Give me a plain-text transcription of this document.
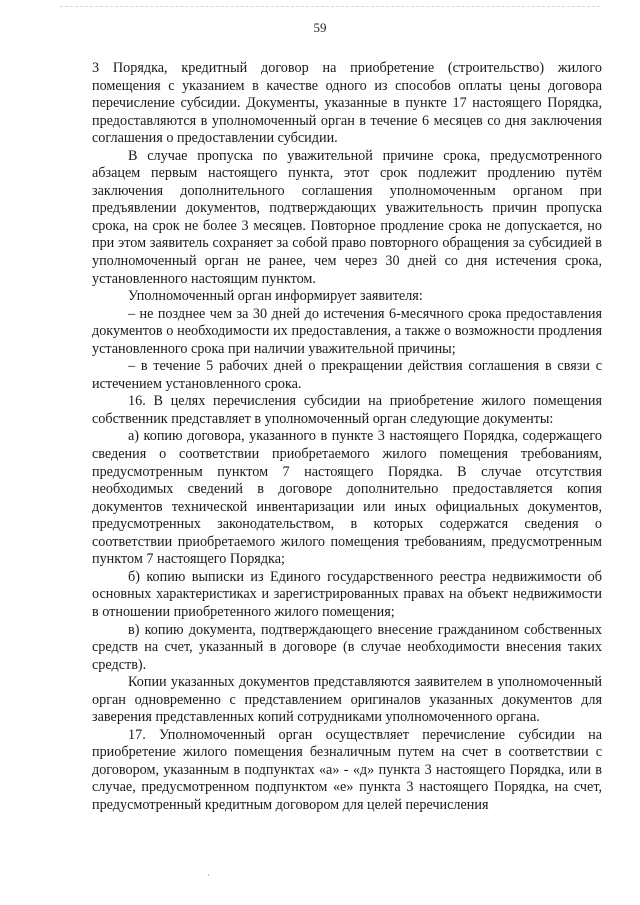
59

3 Порядка, кредитный договор на приобретение (строительство) жилого помещения с указанием в качестве одного из способов оплаты цены договора перечисление субсидии. Документы, указанные в пункте 17 настоящего Порядка, предоставляются в уполномоченный орган в течение 6 месяцев со дня заключения соглашения о предоставлении субсидии.

В случае пропуска по уважительной причине срока, предусмотренного абзацем первым настоящего пункта, этот срок подлежит продлению путём заключения дополнительного соглашения уполномоченным органом при предъявлении документов, подтверждающих уважительность причин пропуска срока, на срок не более 3 месяцев. Повторное продление срока не допускается, но при этом заявитель сохраняет за собой право повторного обращения за субсидией в уполномоченный орган не ранее, чем через 30 дней со дня истечения срока, установленного настоящим пунктом.

Уполномоченный орган информирует заявителя:

– не позднее чем за 30 дней до истечения 6-месячного срока предоставления документов о необходимости их предоставления, а также о возможности продления установленного срока при наличии уважительной причины;

– в течение 5 рабочих дней о прекращении действия соглашения в связи с истечением установленного срока.

16. В целях перечисления субсидии на приобретение жилого помещения собственник представляет в уполномоченный орган следующие документы:

а) копию договора, указанного в пункте 3 настоящего Порядка, содержащего сведения о соответствии приобретаемого жилого помещения требованиям, предусмотренным пунктом 7 настоящего Порядка. В случае отсутствия необходимых сведений в договоре дополнительно предоставляется копия документов технической инвентаризации или иных официальных документов, предусмотренных законодательством, в которых содержатся сведения о соответствии приобретаемого жилого помещения требованиям, предусмотренным пунктом 7 настоящего Порядка;

б) копию выписки из Единого государственного реестра недвижимости об основных характеристиках и зарегистрированных правах на объект недвижимости в отношении приобретенного жилого помещения;

в) копию документа, подтверждающего внесение гражданином собственных средств на счет, указанный в договоре (в случае необходимости внесения таких средств).

Копии указанных документов представляются заявителем в уполномоченный орган одновременно с представлением оригиналов указанных документов для заверения представленных копий сотрудниками уполномоченного органа.

17. Уполномоченный орган осуществляет перечисление субсидии на приобретение жилого помещения безналичным путем на счет в соответствии с договором, указанным в подпунктах «а» - «д» пункта 3 настоящего Порядка, или в случае, предусмотренном подпунктом «е» пункта 3 настоящего Порядка, на счет, предусмотренный кредитным договором для целей перечисления
